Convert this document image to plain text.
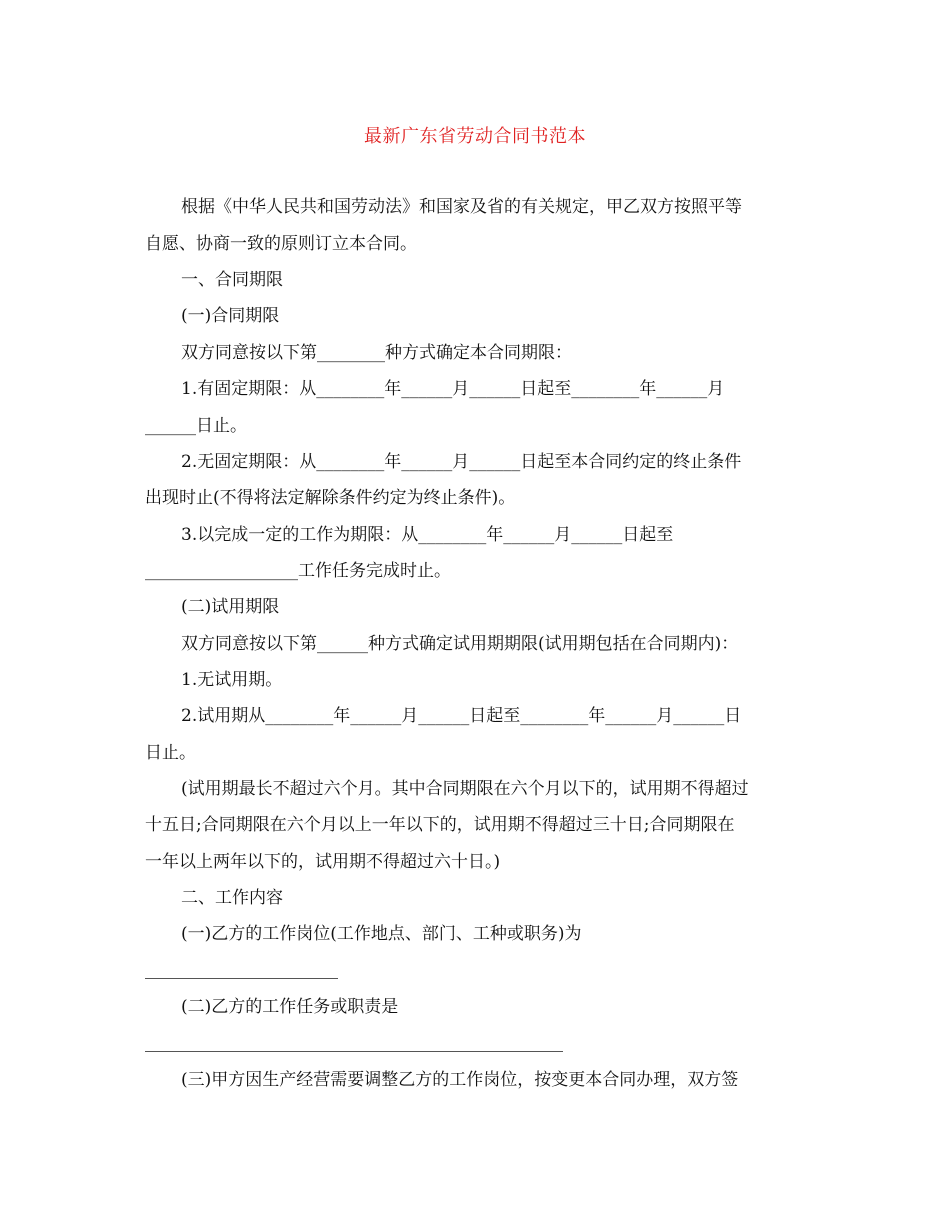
最新广东省劳动合同书范本
根据《中华人民共和国劳动法》和国家及省的有关规定，甲乙双方按照平等
自愿、协商一致的原则订立本合同。
一、合同期限
(一)合同期限
双方同意按以下第________种方式确定本合同期限：
1.有固定期限：从________年______月______日起至________年______月
______日止。
2.无固定期限：从________年______月______日起至本合同约定的终止条件
出现时止(不得将法定解除条件约定为终止条件)。
3.以完成一定的工作为期限：从________年______月______日起至
__________________工作任务完成时止。
(二)试用期限
双方同意按以下第______种方式确定试用期期限(试用期包括在合同期内)：
1.无试用期。
2.试用期从________年______月______日起至________年______月______日
日止。
(试用期最长不超过六个月。其中合同期限在六个月以下的，试用期不得超过
十五日;合同期限在六个月以上一年以下的，试用期不得超过三十日;合同期限在
一年以上两年以下的，试用期不得超过六十日。)
二、工作内容
(一)乙方的工作岗位(工作地点、部门、工种或职务)为
(二)乙方的工作任务或职责是
(三)甲方因生产经营需要调整乙方的工作岗位，按变更本合同办理，双方签
